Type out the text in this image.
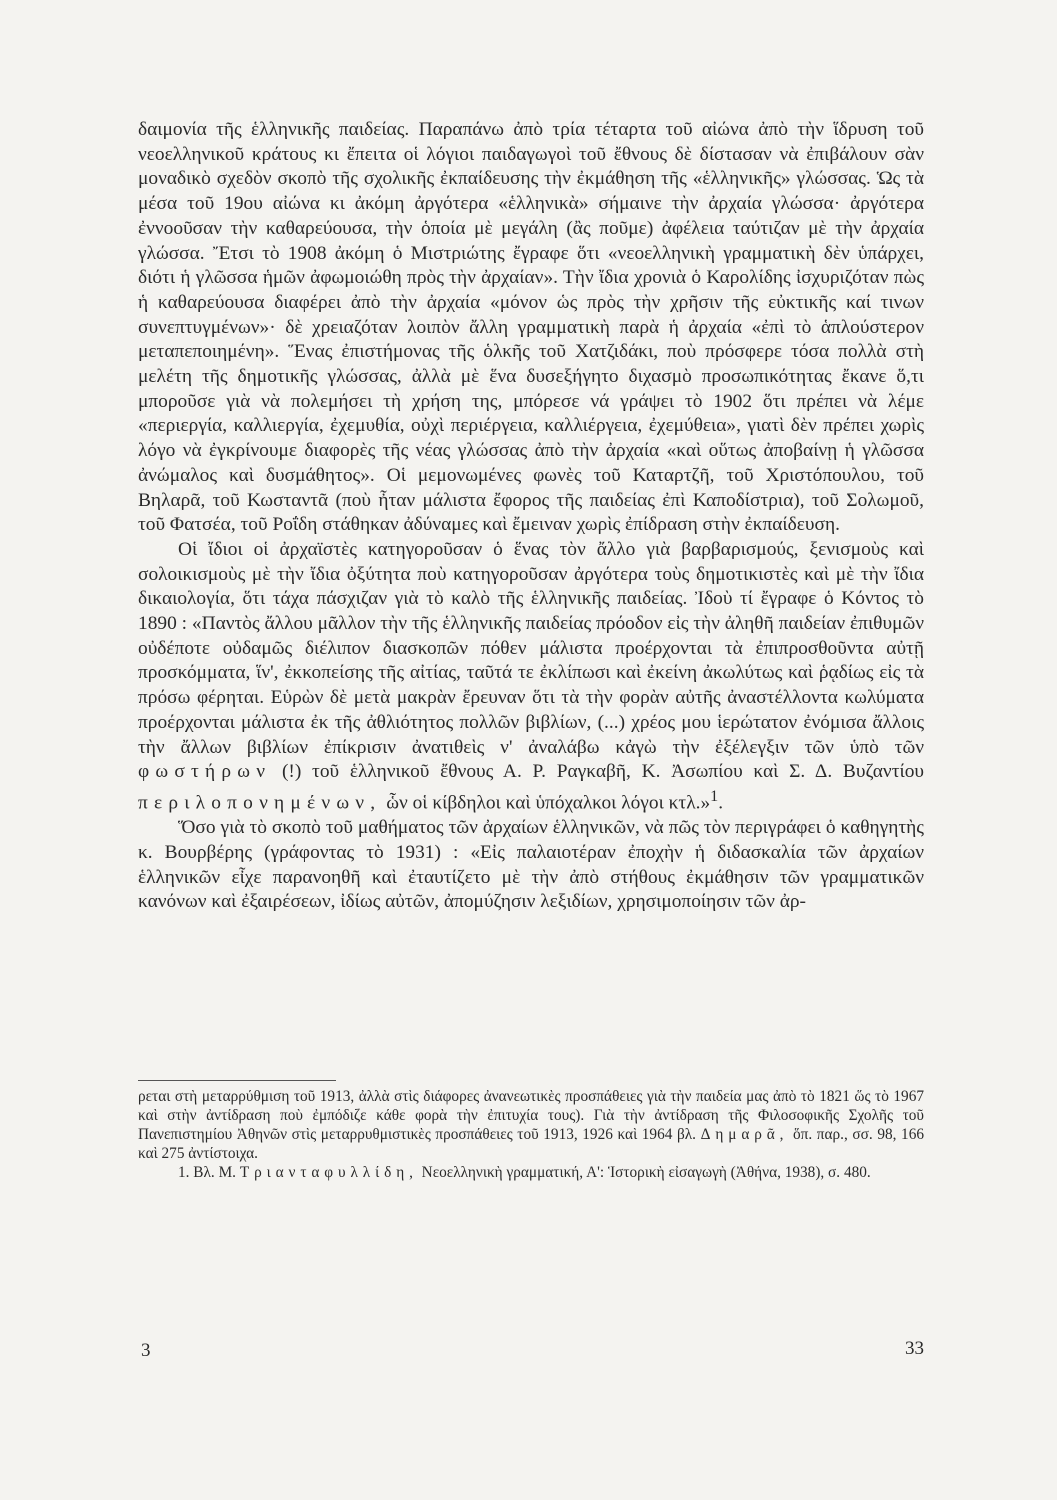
δαιμονία τῆς ἑλληνικῆς παιδείας. Παραπάνω ἀπὸ τρία τέταρτα τοῦ αἰώνα ἀπὸ τὴν ἵδρυση τοῦ νεοελληνικοῦ κράτους κι ἔπειτα οἱ λόγιοι παιδαγωγοὶ τοῦ ἔθνους δὲ δίστασαν νὰ ἐπιβάλουν σὰν μοναδικὸ σχεδὸν σκοπὸ τῆς σχολικῆς ἐκπαίδευσης τὴν ἐκμάθηση τῆς «ἑλληνικῆς» γλώσσας. Ὡς τὰ μέσα τοῦ 19ου αἰώνα κι ἀκόμη ἀργότερα «ἑλληνικὰ» σήμαινε τὴν ἀρχαία γλώσσα· ἀργότερα ἐννοοῦσαν τὴν καθαρεύουσα, τὴν ὁποία μὲ μεγάλη (ἂς ποῦμε) ἀφέλεια ταύτιζαν μὲ τὴν ἀρχαία γλώσσα. Ἔτσι τὸ 1908 ἀκόμη ὁ Μιστριώτης ἔγραφε ὅτι «νεοελληνικὴ γραμματικὴ δὲν ὑπάρχει, διότι ἡ γλῶσσα ἡμῶν ἀφωμοιώθη πρὸς τὴν ἀρχαίαν». Τὴν ἴδια χρονιὰ ὁ Καρολίδης ἰσχυριζόταν πὼς ἡ καθαρεύουσα διαφέρει ἀπὸ τὴν ἀρχαία «μόνον ὡς πρὸς τὴν χρῆσιν τῆς εὐκτικῆς καί τινων συνεπτυγμένων»· δὲ χρειαζόταν λοιπὸν ἄλλη γραμματικὴ παρὰ ἡ ἀρχαία «ἐπὶ τὸ ἁπλούστερον μεταπεποιημένη». Ἕνας ἐπιστήμονας τῆς ὁλκῆς τοῦ Χατζιδάκι, ποὺ πρόσφερε τόσα πολλὰ στὴ μελέτη τῆς δημοτικῆς γλώσσας, ἀλλὰ μὲ ἕνα δυσεξήγητο διχασμὸ προσωπικότητας ἔκανε ὅ,τι μποροῦσε γιὰ νὰ πολεμήσει τὴ χρήση της, μπόρεσε νά γράψει τὸ 1902 ὅτι πρέπει νὰ λέμε «περιεργία, καλλιεργία, ἐχεμυθία, οὐχὶ περιέργεια, καλλιέργεια, ἐχεμύθεια», γιατὶ δὲν πρέπει χωρὶς λόγο νὰ ἐγκρίνουμε διαφορὲς τῆς νέας γλώσσας ἀπὸ τὴν ἀρχαία «καὶ οὕτως ἀποβαίνῃ ἡ γλῶσσα ἀνώμαλος καὶ δυσμάθητος». Οἱ μεμονωμένες φωνὲς τοῦ Καταρτζῆ, τοῦ Χριστόπουλου, τοῦ Βηλαρᾶ, τοῦ Κωσταντᾶ (ποὺ ἦταν μάλιστα ἔφορος τῆς παιδείας ἐπὶ Καποδίστρια), τοῦ Σολωμοῦ, τοῦ Φατσέα, τοῦ Ροΐδη στάθηκαν ἀδύναμες καὶ ἔμειναν χωρὶς ἐπίδραση στὴν ἐκπαίδευση.

Οἱ ἴδιοι οἱ ἀρχαϊστὲς κατηγοροῦσαν ὁ ἕνας τὸν ἄλλο γιὰ βαρβαρισμούς, ξενισμοὺς καὶ σολοικισμοὺς μὲ τὴν ἴδια ὀξύτητα ποὺ κατηγοροῦσαν ἀργότερα τοὺς δημοτικιστὲς καὶ μὲ τὴν ἴδια δικαιολογία, ὅτι τάχα πάσχιζαν γιὰ τὸ καλὸ τῆς ἑλληνικῆς παιδείας. Ἰδοὺ τί ἔγραφε ὁ Κόντος τὸ 1890 : «Παντὸς ἄλλου μᾶλλον τὴν τῆς ἑλληνικῆς παιδείας πρόοδον εἰς τὴν ἀληθῆ παιδείαν ἐπιθυμῶν οὐδέποτε οὐδαμῶς διέλιπον διασκοπῶν πόθεν μάλιστα προέρχονται τὰ ἐπιπροσθοῦντα αὐτῇ προσκόμματα, ἵν', ἐκκοπείσης τῆς αἰτίας, ταῦτά τε ἐκλίπωσι καὶ ἐκείνη ἀκωλύτως καὶ ῥᾳδίως εἰς τὰ πρόσω φέρηται. Εὑρὼν δὲ μετὰ μακρὰν ἔρευναν ὅτι τὰ τὴν φορὰν αὐτῆς ἀναστέλλοντα κωλύματα προέρχονται μάλιστα ἐκ τῆς ἀθλιότητος πολλῶν βιβλίων, (...) χρέος μου ἱερώτατον ἐνόμισα ἄλλοις τὴν ἄλλων βιβλίων ἐπίκρισιν ἀνατιθεὶς ν' ἀναλάβω κἀγὼ τὴν ἐξέλεγξιν τῶν ὑπὸ τῶν φωστήρων (!) τοῦ ἑλληνικοῦ ἔθνους Α. Ρ. Ραγκαβῆ, Κ. Ἀσωπίου καὶ Σ. Δ. Βυζαντίου περιλοπονημένων, ὧν οἱ κίβδηλοι καὶ ὑπόχαλκοι λόγοι κτλ.»$^1$.

Ὅσο γιὰ τὸ σκοπὸ τοῦ μαθήματος τῶν ἀρχαίων ἑλληνικῶν, νὰ πῶς τὸν περιγράφει ὁ καθηγητὴς κ. Βουρβέρης (γράφοντας τὸ 1931) : «Εἰς παλαιοτέραν ἐποχὴν ἡ διδασκαλία τῶν ἀρχαίων ἑλληνικῶν εἶχε παρανοηθῆ καὶ ἐταυτίζετο μὲ τὴν ἀπὸ στήθους ἐκμάθησιν τῶν γραμματικῶν κανόνων καὶ ἐξαιρέσεων, ἰδίως αὐτῶν, ἀπομύζησιν λεξιδίων, χρησιμοποίησιν τῶν ἀρ-

ρεται στὴ μεταρρύθμιση τοῦ 1913, ἀλλὰ στὶς διάφορες ἀνανεωτικὲς προσπάθειες γιὰ τὴν παιδεία μας ἀπὸ τὸ 1821 ὥς τὸ 1967 καὶ στὴν ἀντίδραση ποὺ ἐμπόδιζε κάθε φορὰ τὴν ἐπιτυχία τους). Γιὰ τὴν ἀντίδραση τῆς Φιλοσοφικῆς Σχολῆς τοῦ Πανεπιστημίου Ἀθηνῶν στὶς μεταρρυθμιστικὲς προσπάθειες τοῦ 1913, 1926 καὶ 1964 βλ. Δημαρᾶ, ὅπ. παρ., σσ. 98, 166 καὶ 275 ἀντίστοιχα.

1. Βλ. Μ. Τριανταφυλλίδη, Νεοελληνικὴ γραμματική, Α': Ἱστορικὴ εἰσαγωγὴ (Ἀθήνα, 1938), σ. 480.

3	33
